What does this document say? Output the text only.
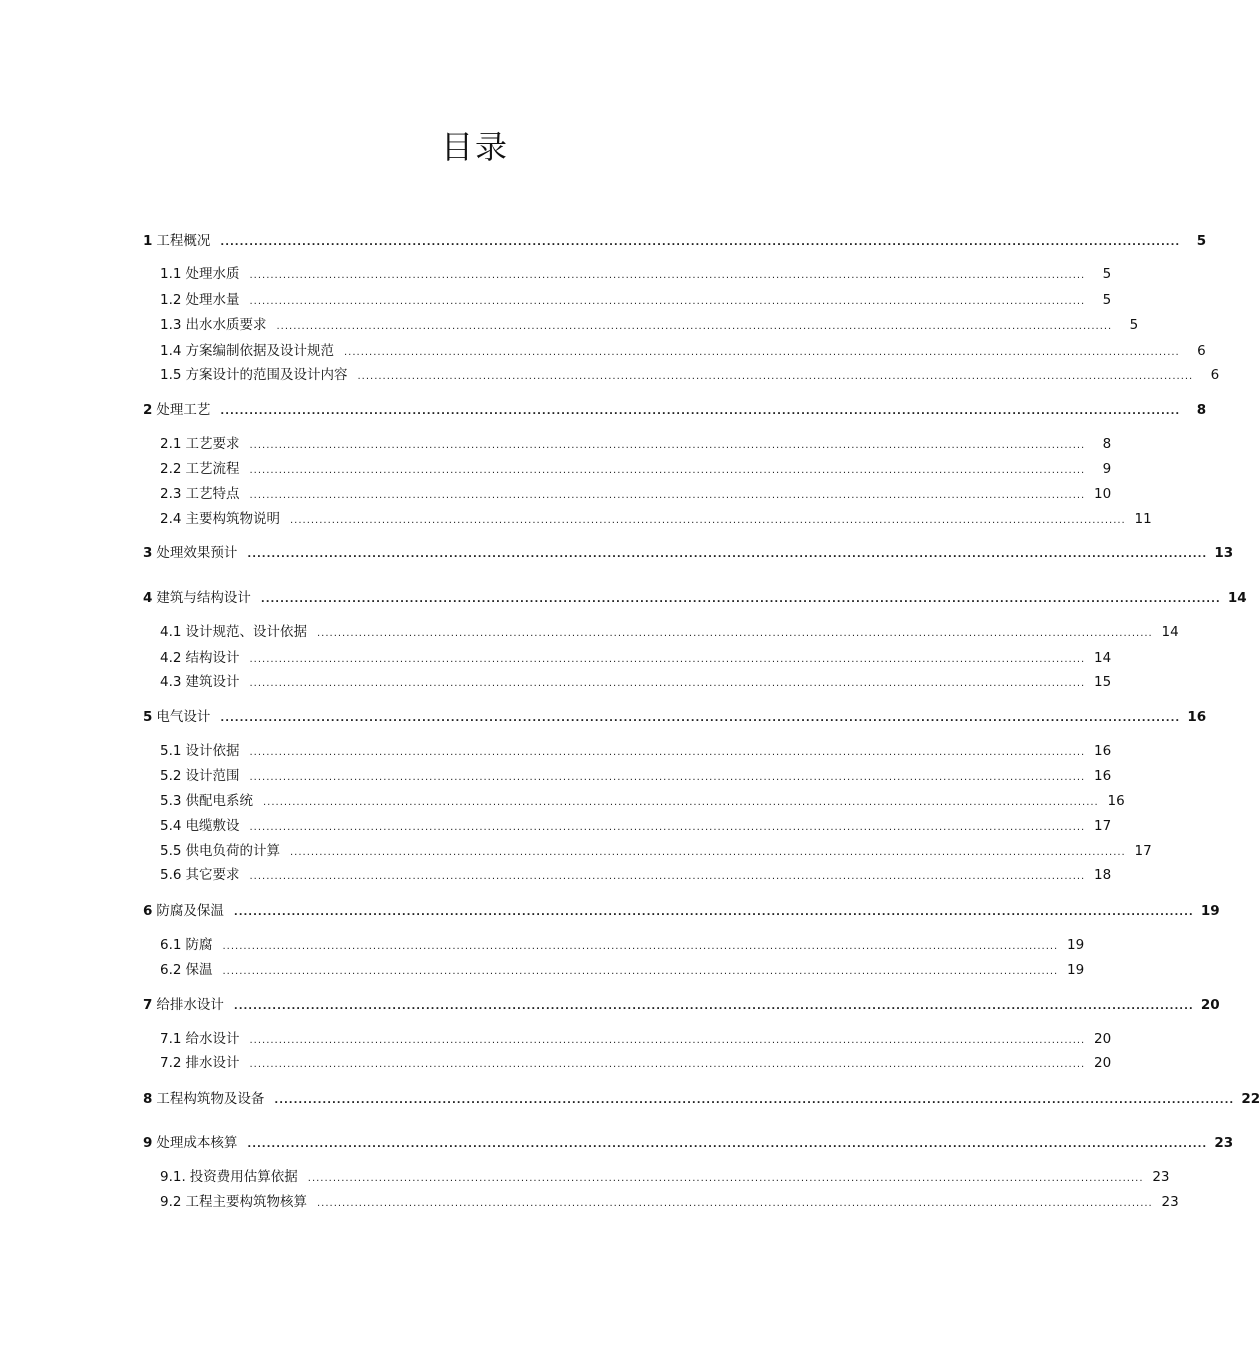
目录
1 工程概况 ........................................................................................................................................................................................................	5
1.1 处理水质 ........................................................................................................................................................................................................	5
1.2 处理水量 ........................................................................................................................................................................................................	5
1.3 出水水质要求 ........................................................................................................................................................................................................	5
1.4 方案编制依据及设计规范 ........................................................................................................................................................................................................	6
1.5 方案设计的范围及设计内容 ........................................................................................................................................................................................................	6
2 处理工艺 ........................................................................................................................................................................................................	8
2.1 工艺要求 ........................................................................................................................................................................................................	8
2.2 工艺流程 ........................................................................................................................................................................................................	9
2.3 工艺特点 ........................................................................................................................................................................................................ 10
2.4 主要构筑物说明 ........................................................................................................................................................................................................ 11
3 处理效果预计 ........................................................................................................................................................................................................ 13
4 建筑与结构设计 ........................................................................................................................................................................................................ 14
4.1 设计规范、设计依据 ........................................................................................................................................................................................................ 14
4.2 结构设计 ........................................................................................................................................................................................................ 14
4.3 建筑设计 ........................................................................................................................................................................................................ 15
5 电气设计 ........................................................................................................................................................................................................ 16
5.1 设计依据 ........................................................................................................................................................................................................ 16
5.2 设计范围 ........................................................................................................................................................................................................ 16
5.3 供配电系统 ........................................................................................................................................................................................................ 16
5.4 电缆敷设 ........................................................................................................................................................................................................ 17
5.5 供电负荷的计算 ........................................................................................................................................................................................................ 17
5.6 其它要求 ........................................................................................................................................................................................................ 18
6 防腐及保温 ........................................................................................................................................................................................................ 19
6.1 防腐 ........................................................................................................................................................................................................ 19
6.2 保温 ........................................................................................................................................................................................................ 19
7 给排水设计 ........................................................................................................................................................................................................ 20
7.1 给水设计 ........................................................................................................................................................................................................ 20
7.2 排水设计 ........................................................................................................................................................................................................ 20
8 工程构筑物及设备 ........................................................................................................................................................................................................ 22
9 处理成本核算 ........................................................................................................................................................................................................ 23
9.1. 投资费用估算依据 ........................................................................................................................................................................................................ 23
9.2 工程主要构筑物核算 ........................................................................................................................................................................................................ 23
